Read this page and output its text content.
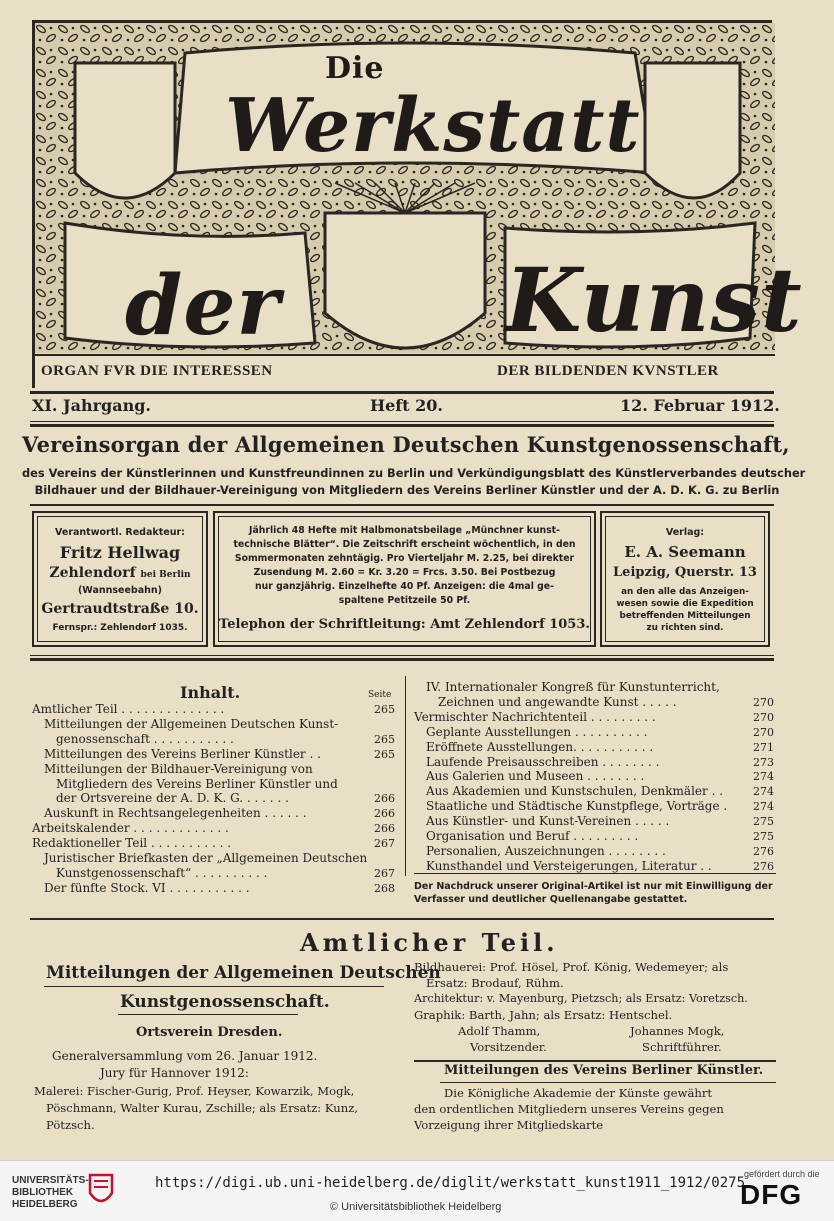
Die
Werkstatt
der	Kunst
ORGAN FVR DIE INTERESSEN	DER BILDENDEN KVNSTLER
XI. Jahrgang.	Heft 20.	12. Februar 1912.
Vereinsorgan der Allgemeinen Deutschen Kunstgenossenschaft,
des Vereins der Künstlerinnen und Kunstfreundinnen zu Berlin und Verkündigungsblatt des Künstlerverbandes deutscher
Bildhauer und der Bildhauer-Vereinigung von Mitgliedern des Vereins Berliner Künstler und der A. D. K. G. zu Berlin
Verantwortl. Redakteur:
Fritz Hellwag
Zehlendorf bei Berlin
(Wannseebahn)
Gertraudtstraße 10.
Fernspr.: Zehlendorf 1035.
Jährlich 48 Hefte mit Halbmonatsbeilage „Münchner kunst-
technische Blätter“. Die Zeitschrift erscheint wöchentlich, in den
Sommermonaten zehntägig. Pro Vierteljahr M. 2.25, bei direkter
Zusendung M. 2.60 = Kr. 3.20 = Frcs. 3.50. Bei Postbezug
nur ganzjährig. Einzelhefte 40 Pf. Anzeigen: die 4mal ge-
spaltene Petitzeile 50 Pf.
Telephon der Schriftleitung: Amt Zehlendorf 1053.
Verlag:
E. A. Seemann
Leipzig, Querstr. 13
an den alle das Anzeigen-
wesen sowie die Expedition
betreffenden Mitteilungen
zu richten sind.
Inhalt.	Seite
Amtlicher Teil . . . . . . . . . . . . . .	265
Mitteilungen der Allgemeinen Deutschen Kunst-
genossenschaft . . . . . . . . . . .	265
Mitteilungen des Vereins Berliner Künstler . .	265
Mitteilungen der Bildhauer-Vereinigung von
Mitgliedern des Vereins Berliner Künstler und
der Ortsvereine der A. D. K. G. . . . . . .	266
Auskunft in Rechtsangelegenheiten . . . . . .	266
Arbeitskalender . . . . . . . . . . . . .	266
Redaktioneller Teil . . . . . . . . . . .	267
Juristischer Briefkasten der „Allgemeinen Deutschen
Kunstgenossenschaft“ . . . . . . . . . .	267
Der fünfte Stock. VI . . . . . . . . . . .	268
IV. Internationaler Kongreß für Kunstunterricht,
Zeichnen und angewandte Kunst . . . . .	270
Vermischter Nachrichtenteil . . . . . . . . .	270
Geplante Ausstellungen . . . . . . . . . .	270
Eröffnete Ausstellungen. . . . . . . . . . .	271
Laufende Preisausschreiben . . . . . . . .	273
Aus Galerien und Museen . . . . . . . .	274
Aus Akademien und Kunstschulen, Denkmäler . .	274
Staatliche und Städtische Kunstpflege, Vorträge .	274
Aus Künstler- und Kunst-Vereinen . . . . .	275
Organisation und Beruf . . . . . . . . .	275
Personalien, Auszeichnungen . . . . . . . .	276
Kunsthandel und Versteigerungen, Literatur . .	276
Der Nachdruck unserer Original-Artikel ist nur mit Einwilligung der Verfasser und deutlicher Quellenangabe gestattet.
Amtlicher Teil.
Mitteilungen der Allgemeinen Deutschen
Kunstgenossenschaft.
Ortsverein Dresden.
Generalversammlung vom 26. Januar 1912.
Jury für Hannover 1912:
Malerei: Fischer-Gurig, Prof. Heyser, Kowarzik, Mogk,
Pöschmann, Walter Kurau, Zschille; als Ersatz: Kunz,
Pötzsch.
Bildhauerei: Prof. Hösel, Prof. König, Wedemeyer; als
Ersatz: Brodauf, Rühm.
Architektur: v. Mayenburg, Pietzsch; als Ersatz: Voretzsch.
Graphik: Barth, Jahn; als Ersatz: Hentschel.
Adolf Thamm,
Vorsitzender.
Johannes Mogk,
Schriftführer.
Mitteilungen des Vereins Berliner Künstler.
Die Königliche Akademie der Künste gewährt
den ordentlichen Mitgliedern unseres Vereins gegen
Vorzeigung ihrer Mitgliedskarte
UNIVERSITÄTS-
BIBLIOTHEK
HEIDELBERG
https://digi.ub.uni-heidelberg.de/diglit/werkstatt_kunst1911_1912/0275
© Universitätsbibliothek Heidelberg
gefördert durch die
DFG
